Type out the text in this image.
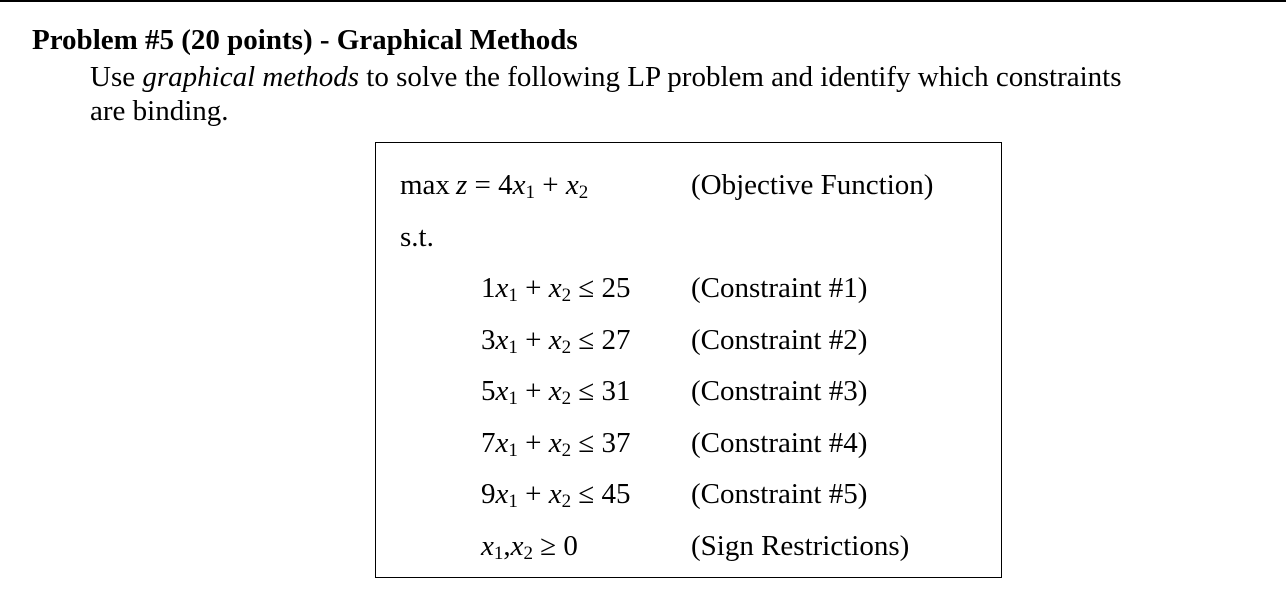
Problem #5 (20 points) - Graphical Methods
Use graphical methods to solve the following LP problem and identify which constraints
are binding.
$\max z = 4x_1 + x_2$	(Objective Function)
s.t.
$1x_1 + x_2 \le 25$ (Constraint #1)
$3x_1 + x_2 \le 27$ (Constraint #2)
$5x_1 + x_2 \le 31$ (Constraint #3)
$7x_1 + x_2 \le 37$ (Constraint #4)
$9x_1 + x_2 \le 45$ (Constraint #5)
$x_1,x_2 \ge 0$	(Sign Restrictions)
